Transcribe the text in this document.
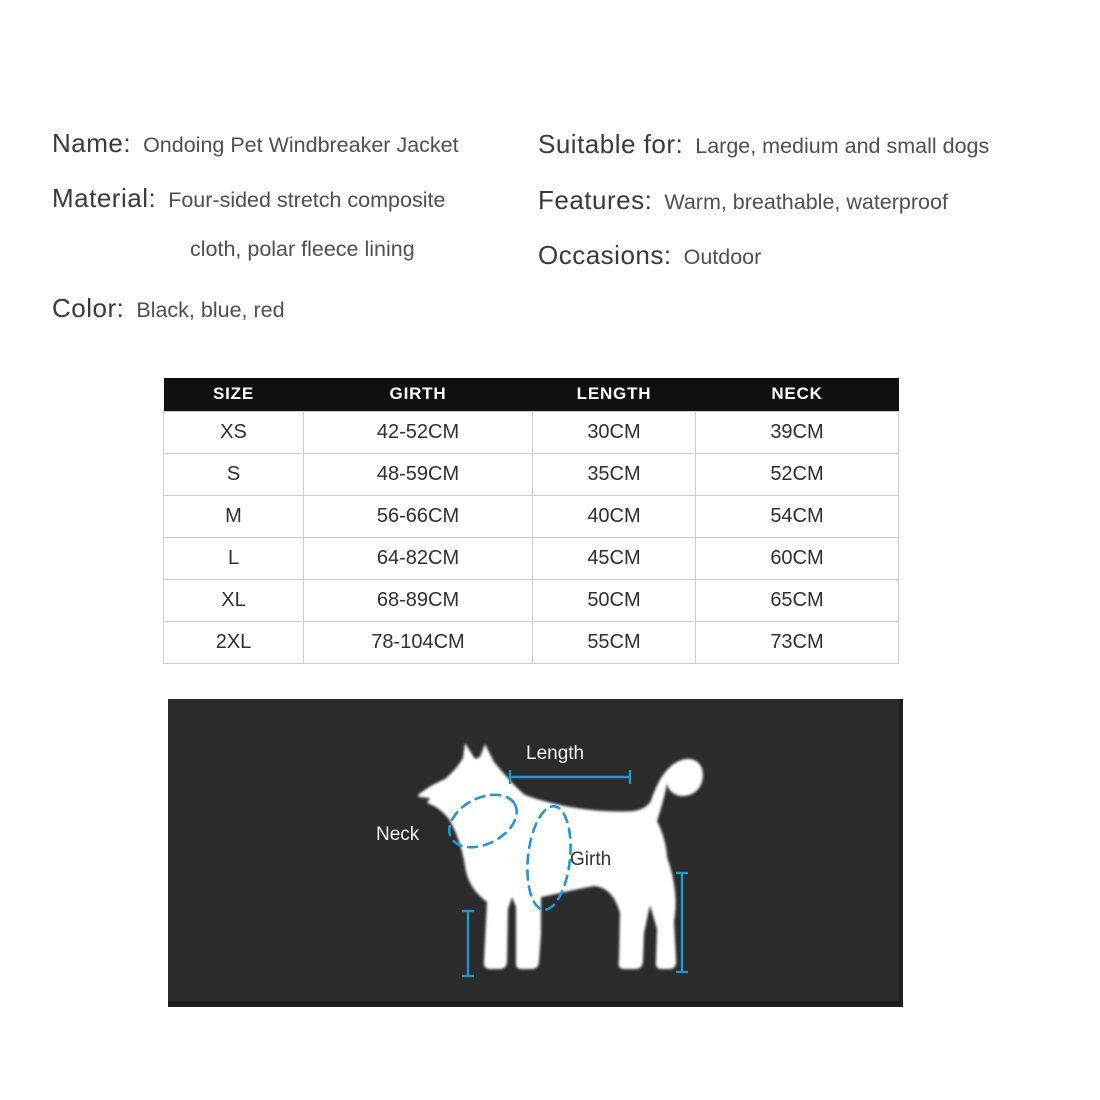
Name: Ondoing Pet Windbreaker Jacket
Material: Four-sided stretch composite
cloth, polar fleece lining
Color: Black, blue, red
Suitable for: Large, medium and small dogs
Features: Warm, breathable, waterproof
Occasions: Outdoor
SIZE	GIRTH	LENGTH	NECK
XS	42-52CM	30CM	39CM
S	48-59CM	35CM	52CM
M	56-66CM	40CM	54CM
L	64-82CM	45CM	60CM
XL	68-89CM	50CM	65CM
2XL	78-104CM	55CM	73CM
Length
Neck
Girth
